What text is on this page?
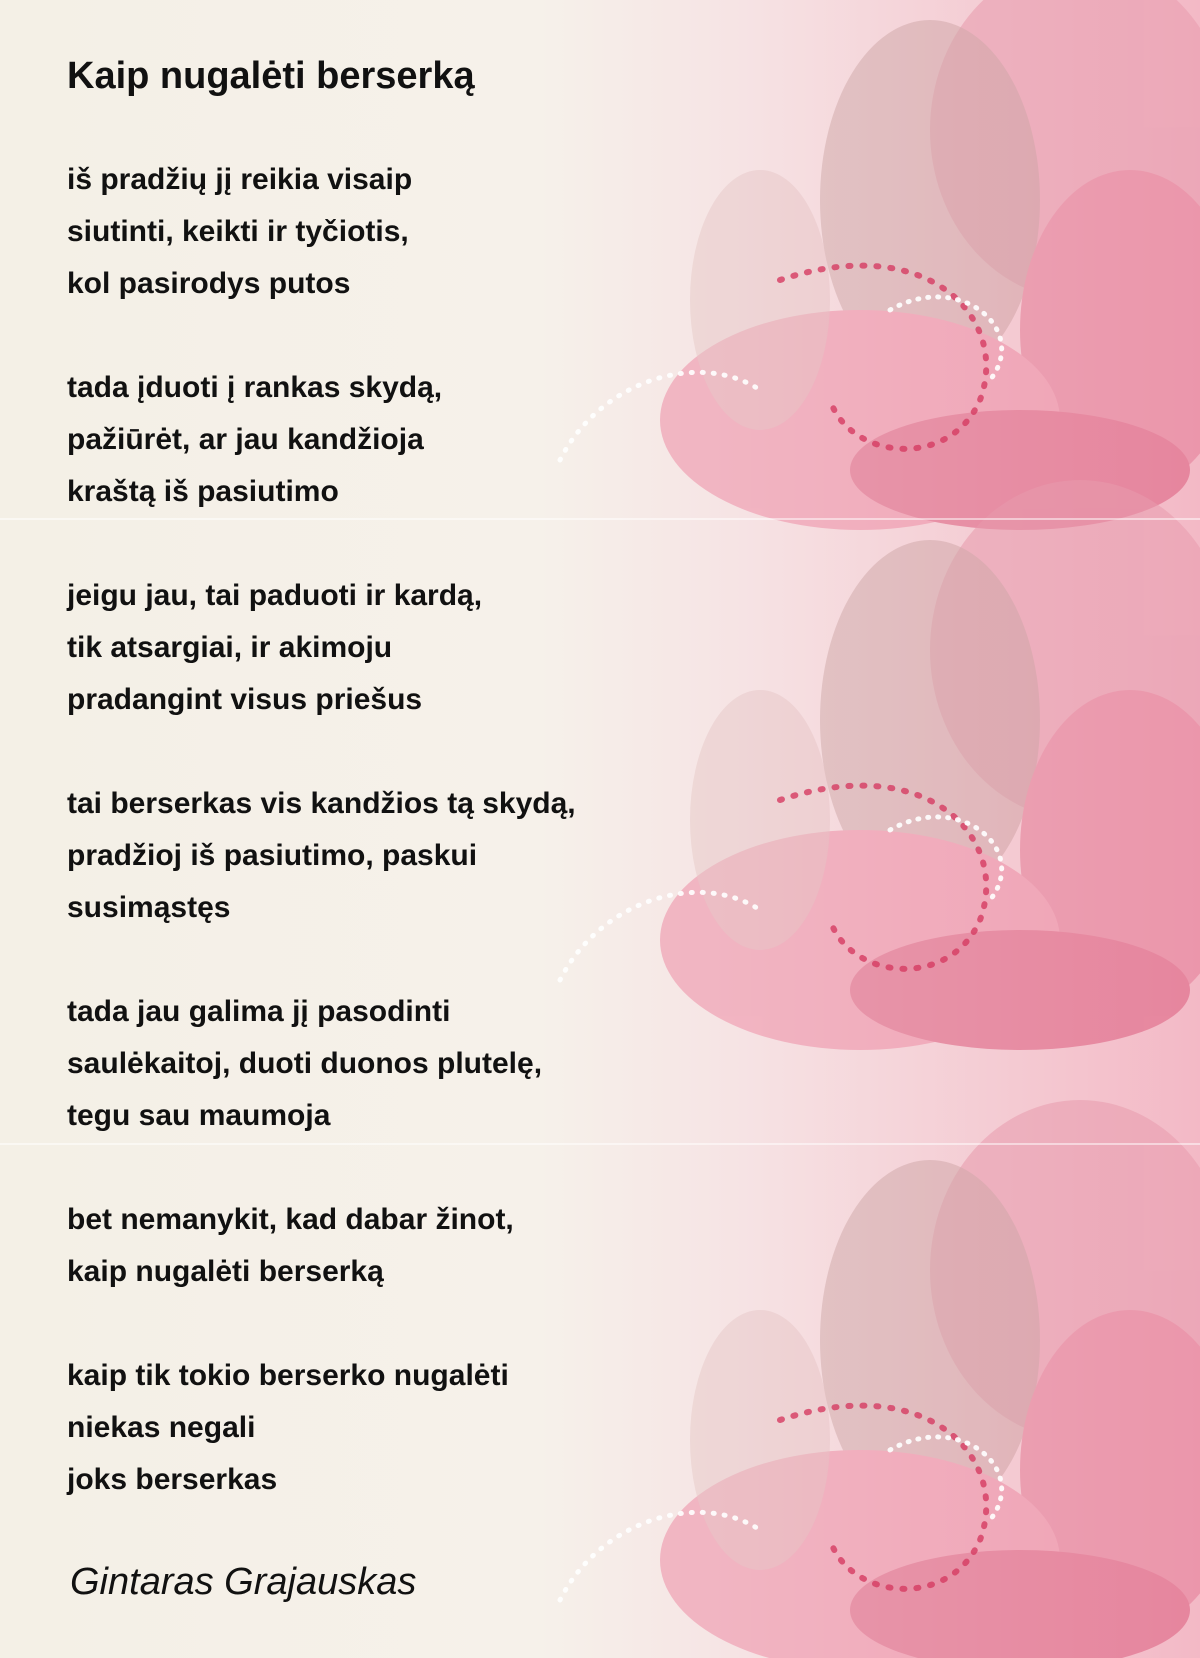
Kaip nugalėti berserką
iš pradžių jį reikia visaip
siutinti, keikti ir tyčiotis,
kol pasirodys putos
tada įduoti į rankas skydą,
pažiūrėt, ar jau kandžioja
kraštą iš pasiutimo
jeigu jau, tai paduoti ir kardą,
tik atsargiai, ir akimoju
pradangint visus priešus
tai berserkas vis kandžios tą skydą,
pradžioj iš pasiutimo, paskui
susimąstęs
tada jau galima jį pasodinti
saulėkaitoj, duoti duonos plutelę,
tegu sau maumoja
bet nemanykit, kad dabar žinot,
kaip nugalėti berserką
kaip tik tokio berserko nugalėti
niekas negali
joks berserkas
Gintaras Grajauskas
